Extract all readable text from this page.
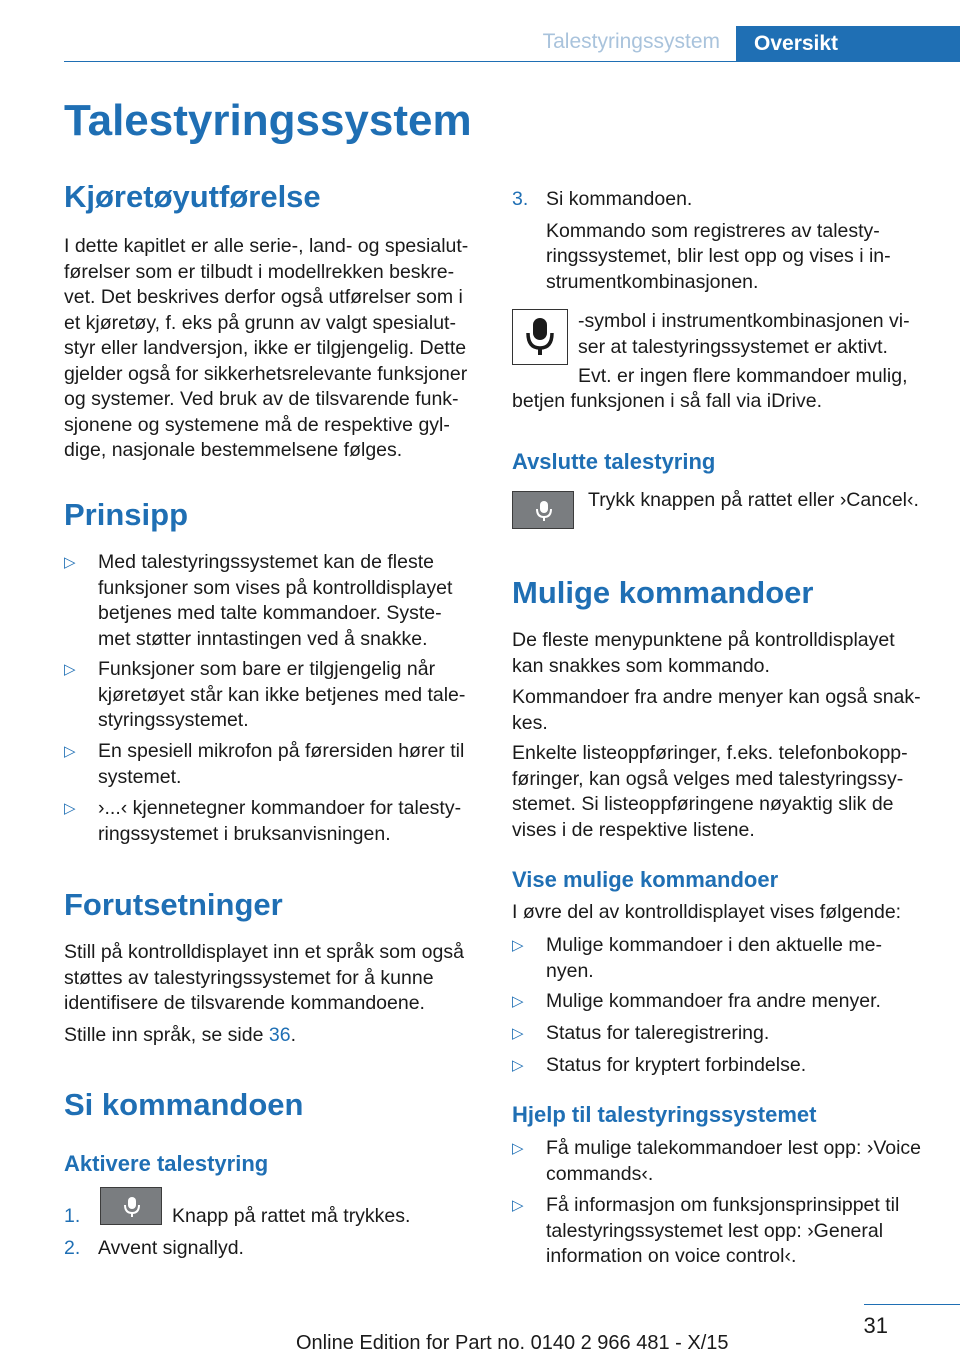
Talestyringssystem	Oversikt
Talestyringssystem
Kjøretøyutførelse
I dette kapitlet er alle serie-, land- og spesialut-
førelser som er tilbudt i modellrekken beskre-
vet. Det beskrives derfor også utførelser som i
et kjøretøy, f. eks på grunn av valgt spesialut-
styr eller landversjon, ikke er tilgjengelig. Dette
gjelder også for sikkerhetsrelevante funksjoner
og systemer. Ved bruk av de tilsvarende funk-
sjonene og systemene må de respektive gyl-
dige, nasjonale bestemmelsene følges.
Prinsipp
▷ Med talestyringssystemet kan de fleste
funksjoner som vises på kontrolldisplayet
betjenes med talte kommandoer. Syste-
met støtter inntastingen ved å snakke.
▷ Funksjoner som bare er tilgjengelig når
kjøretøyet står kan ikke betjenes med tale-
styringssystemet.
▷ En spesiell mikrofon på førersiden hører til
systemet.
▷ ›...‹ kjennetegner kommandoer for talesty-
ringssystemet i bruksanvisningen.
Forutsetninger
Still på kontrolldisplayet inn et språk som også
støttes av talestyringssystemet for å kunne
identifisere de tilsvarende kommandoene.
Stille inn språk, se side 36.
Si kommandoen
Aktivere talestyring
1.	Knapp på rattet må trykkes.
2. Avvent signallyd.
3. Si kommandoen.
Kommando som registreres av talesty-
ringssystemet, blir lest opp og vises i in-
strumentkombinasjonen.
-symbol i instrumentkombinasjonen vi-
ser at talestyringssystemet er aktivt.
Evt. er ingen flere kommandoer mulig,
betjen funksjonen i så fall via iDrive.
Avslutte talestyring
Trykk knappen på rattet eller ›Cancel‹.
Mulige kommandoer
De fleste menypunktene på kontrolldisplayet
kan snakkes som kommando.
Kommandoer fra andre menyer kan også snak-
kes.
Enkelte listeoppføringer, f.eks. telefonbokopp-
føringer, kan også velges med talestyringssy-
stemet. Si listeoppføringene nøyaktig slik de
vises i de respektive listene.
Vise mulige kommandoer
I øvre del av kontrolldisplayet vises følgende:
▷ Mulige kommandoer i den aktuelle me-
nyen.
▷ Mulige kommandoer fra andre menyer.
▷ Status for taleregistrering.
▷ Status for kryptert forbindelse.
Hjelp til talestyringssystemet
▷ Få mulige talekommandoer lest opp: ›Voice
commands‹.
▷ Få informasjon om funksjonsprinsippet til
talestyringssystemet lest opp: ›General
information on voice control‹.
31
Online Edition for Part no. 0140 2 966 481 - X/15
